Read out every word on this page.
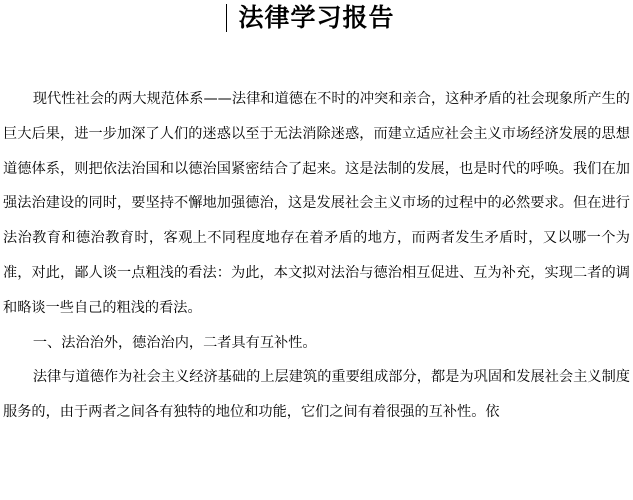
法律学习报告

现代性社会的两大规范体系——法律和道德在不时的冲突和亲合，这种矛盾的社会现象所产生的巨大后果，进一步加深了人们的迷惑以至于无法消除迷惑，而建立适应社会主义市场经济发展的思想道德体系，则把依法治国和以德治国紧密结合了起来。这是法制的发展，也是时代的呼唤。我们在加强法治建设的同时，要坚持不懈地加强德治，这是发展社会主义市场的过程中的必然要求。但在进行法治教育和德治教育时，客观上不同程度地存在着矛盾的地方，而两者发生矛盾时，又以哪一个为准，对此，鄙人谈一点粗浅的看法：为此，本文拟对法治与德治相互促进、互为补充，实现二者的调和略谈一些自己的粗浅的看法。

一、法治治外，德治治内，二者具有互补性。

法律与道德作为社会主义经济基础的上层建筑的重要组成部分，都是为巩固和发展社会主义制度服务的，由于两者之间各有独特的地位和功能，它们之间有着很强的互补性。依
